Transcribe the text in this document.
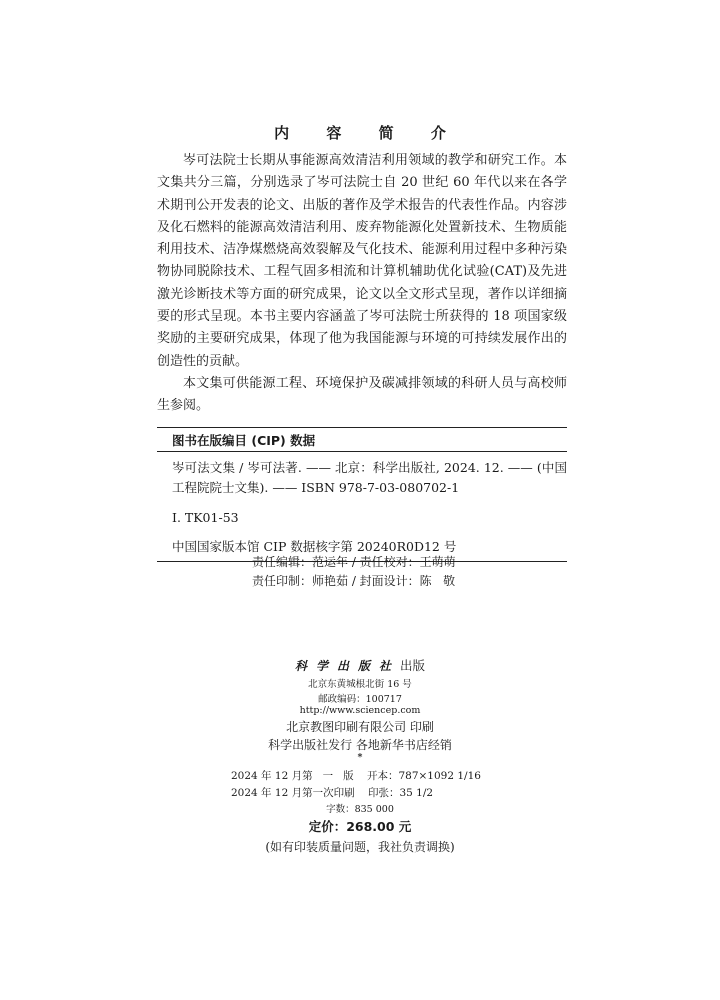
内 容 简 介

岑可法院士长期从事能源高效清洁利用领域的教学和研究工作。本文集共分三篇，分别选录了岑可法院士自 20 世纪 60 年代以来在各学术期刊公开发表的论文、出版的著作及学术报告的代表性作品。内容涉及化石燃料的能源高效清洁利用、废弃物能源化处置新技术、生物质能利用技术、洁净煤燃烧高效裂解及气化技术、能源利用过程中多种污染物协同脱除技术、工程气固多相流和计算机辅助优化试验(CAT)及先进激光诊断技术等方面的研究成果，论文以全文形式呈现，著作以详细摘要的形式呈现。本书主要内容涵盖了岑可法院士所获得的 18 项国家级奖励的主要研究成果，体现了他为我国能源与环境的可持续发展作出的创造性的贡献。

本文集可供能源工程、环境保护及碳减排领域的科研人员与高校师生参阅。

图书在版编目 (CIP) 数据
岑可法文集 / 岑可法著. —— 北京：科学出版社, 2024. 12. —— (中国工程院院士文集). —— ISBN 978-7-03-080702-1
Ⅰ. TK01-53
中国国家版本馆 CIP 数据核字第 20240R0D12 号
责任编辑：范运年 / 责任校对：王萌萌
责任印制：师艳茹 / 封面设计：陈   敬
科学出版社出版
北京东黄城根北街 16 号
邮政编码：100717
http://www.sciencep.com
北京教图印刷有限公司 印刷
科学出版社发行 各地新华书店经销
*
2024 年 12 月第   一   版    开本：787×1092 1/16
2024 年 12 月第一次印刷    印张：35 1/2
字数：835 000
定价：268.00 元
(如有印装质量问题，我社负责调换)
